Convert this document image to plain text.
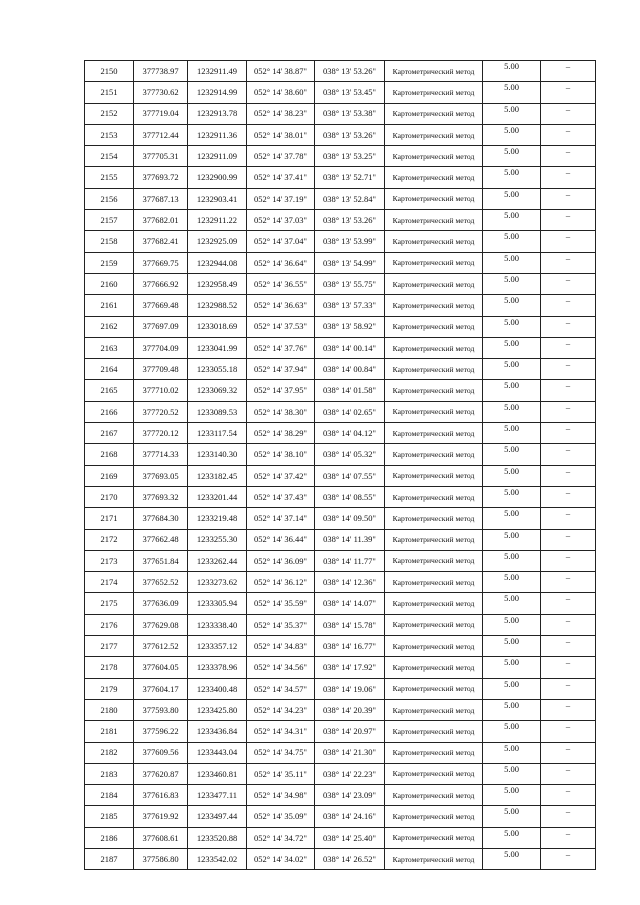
2150	377738.97	1232911.49	052° 14' 38.87"	038° 13' 53.26"	Картометрический метод	5.00	–
2151	377730.62	1232914.99	052° 14' 38.60"	038° 13' 53.45"	Картометрический метод	5.00	–
2152	377719.04	1232913.78	052° 14' 38.23"	038° 13' 53.38"	Картометрический метод	5.00	–
2153	377712.44	1232911.36	052° 14' 38.01"	038° 13' 53.26"	Картометрический метод	5.00	–
2154	377705.31	1232911.09	052° 14' 37.78"	038° 13' 53.25"	Картометрический метод	5.00	–
2155	377693.72	1232900.99	052° 14' 37.41"	038° 13' 52.71"	Картометрический метод	5.00	–
2156	377687.13	1232903.41	052° 14' 37.19"	038° 13' 52.84"	Картометрический метод	5.00	–
2157	377682.01	1232911.22	052° 14' 37.03"	038° 13' 53.26"	Картометрический метод	5.00	–
2158	377682.41	1232925.09	052° 14' 37.04"	038° 13' 53.99"	Картометрический метод	5.00	–
2159	377669.75	1232944.08	052° 14' 36.64"	038° 13' 54.99"	Картометрический метод	5.00	–
2160	377666.92	1232958.49	052° 14' 36.55"	038° 13' 55.75"	Картометрический метод	5.00	–
2161	377669.48	1232988.52	052° 14' 36.63"	038° 13' 57.33"	Картометрический метод	5.00	–
2162	377697.09	1233018.69	052° 14' 37.53"	038° 13' 58.92"	Картометрический метод	5.00	–
2163	377704.09	1233041.99	052° 14' 37.76"	038° 14' 00.14"	Картометрический метод	5.00	–
2164	377709.48	1233055.18	052° 14' 37.94"	038° 14' 00.84"	Картометрический метод	5.00	–
2165	377710.02	1233069.32	052° 14' 37.95"	038° 14' 01.58"	Картометрический метод	5.00	–
2166	377720.52	1233089.53	052° 14' 38.30"	038° 14' 02.65"	Картометрический метод	5.00	–
2167	377720.12	1233117.54	052° 14' 38.29"	038° 14' 04.12"	Картометрический метод	5.00	–
2168	377714.33	1233140.30	052° 14' 38.10"	038° 14' 05.32"	Картометрический метод	5.00	–
2169	377693.05	1233182.45	052° 14' 37.42"	038° 14' 07.55"	Картометрический метод	5.00	–
2170	377693.32	1233201.44	052° 14' 37.43"	038° 14' 08.55"	Картометрический метод	5.00	–
2171	377684.30	1233219.48	052° 14' 37.14"	038° 14' 09.50"	Картометрический метод	5.00	–
2172	377662.48	1233255.30	052° 14' 36.44"	038° 14' 11.39"	Картометрический метод	5.00	–
2173	377651.84	1233262.44	052° 14' 36.09"	038° 14' 11.77"	Картометрический метод	5.00	–
2174	377652.52	1233273.62	052° 14' 36.12"	038° 14' 12.36"	Картометрический метод	5.00	–
2175	377636.09	1233305.94	052° 14' 35.59"	038° 14' 14.07"	Картометрический метод	5.00	–
2176	377629.08	1233338.40	052° 14' 35.37"	038° 14' 15.78"	Картометрический метод	5.00	–
2177	377612.52	1233357.12	052° 14' 34.83"	038° 14' 16.77"	Картометрический метод	5.00	–
2178	377604.05	1233378.96	052° 14' 34.56"	038° 14' 17.92"	Картометрический метод	5.00	–
2179	377604.17	1233400.48	052° 14' 34.57"	038° 14' 19.06"	Картометрический метод	5.00	–
2180	377593.80	1233425.80	052° 14' 34.23"	038° 14' 20.39"	Картометрический метод	5.00	–
2181	377596.22	1233436.84	052° 14' 34.31"	038° 14' 20.97"	Картометрический метод	5.00	–
2182	377609.56	1233443.04	052° 14' 34.75"	038° 14' 21.30"	Картометрический метод	5.00	–
2183	377620.87	1233460.81	052° 14' 35.11"	038° 14' 22.23"	Картометрический метод	5.00	–
2184	377616.83	1233477.11	052° 14' 34.98"	038° 14' 23.09"	Картометрический метод	5.00	–
2185	377619.92	1233497.44	052° 14' 35.09"	038° 14' 24.16"	Картометрический метод	5.00	–
2186	377608.61	1233520.88	052° 14' 34.72"	038° 14' 25.40"	Картометрический метод	5.00	–
2187	377586.80	1233542.02	052° 14' 34.02"	038° 14' 26.52"	Картометрический метод	5.00	–
